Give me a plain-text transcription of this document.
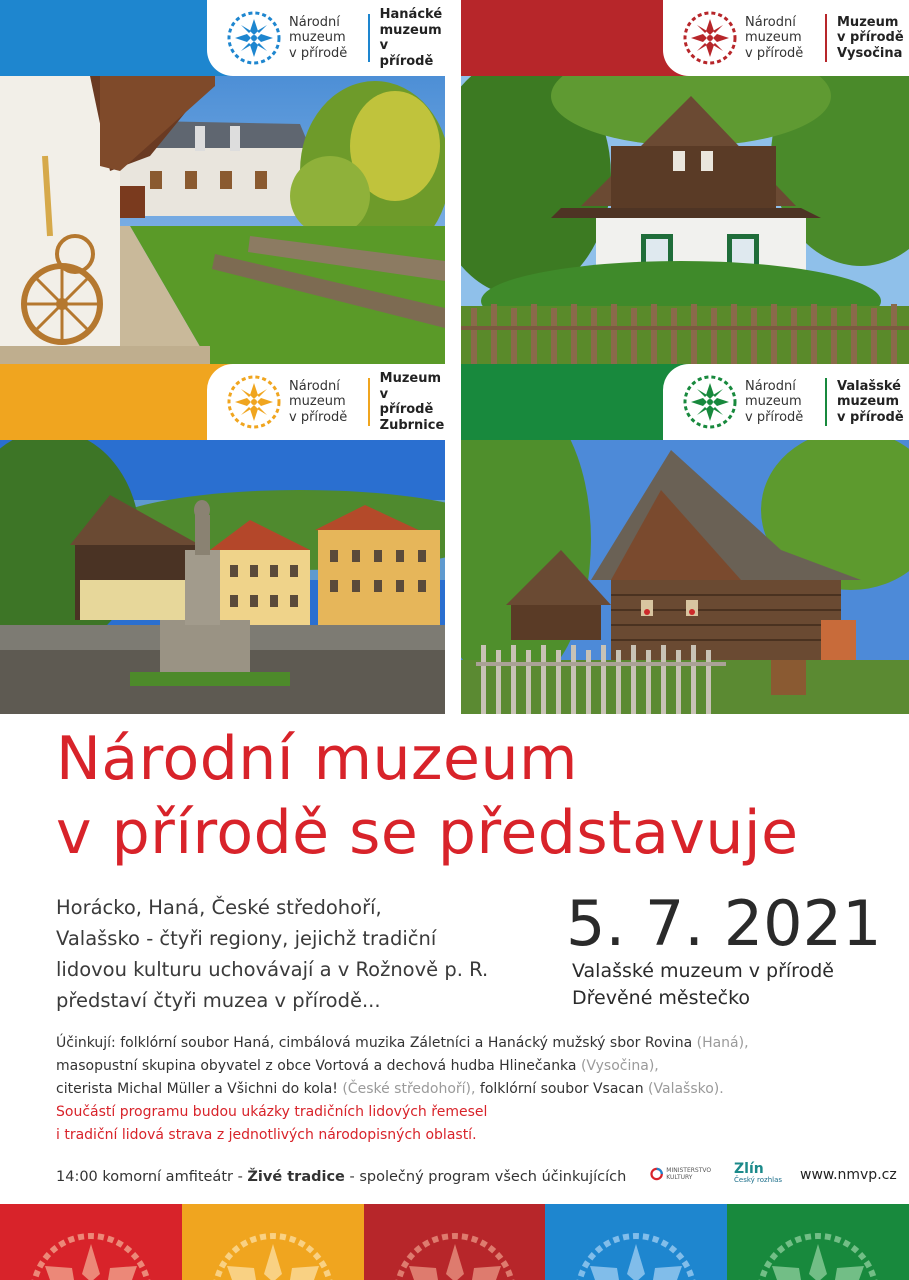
Národní
muzeum
v přírodě
Hanácké
muzeum
v přírodě
Národní
muzeum
v přírodě
Muzeum
v přírodě
Vysočina
Národní
muzeum
v přírodě
Muzeum
v přírodě
Zubrnice
Národní
muzeum
v přírodě
Valašské
muzeum
v přírodě
Národní muzeum
v přírodě se představuje
Horácko, Haná, České středohoří,
Valašsko - čtyři regiony, jejichž tradiční
lidovou kulturu uchovávají a v Rožnově p. R.
představí čtyři muzea v přírodě...
5. 7. 2021
Valašské muzeum v přírodě
Dřevěné městečko
Účinkují: folklórní soubor Haná, cimbálová muzika Záletníci a Hanácký mužský sbor Rovina (Haná),
masopustní skupina obyvatel z obce Vortová a dechová hudba Hlinečanka (Vysočina),
citerista Michal Müller a Všichni do kola! (České středohoří), folklórní soubor Vsacan (Valašsko).
Součástí programu budou ukázky tradičních lidových řemesel
i tradiční lidová strava z jednotlivých národopisných oblastí.
14:00 komorní amfiteátr - Živé tradice - společný program všech účinkujících	MINISTERSTVO KULTURY	Zlín
Český rozhlas www.nmvp.cz
